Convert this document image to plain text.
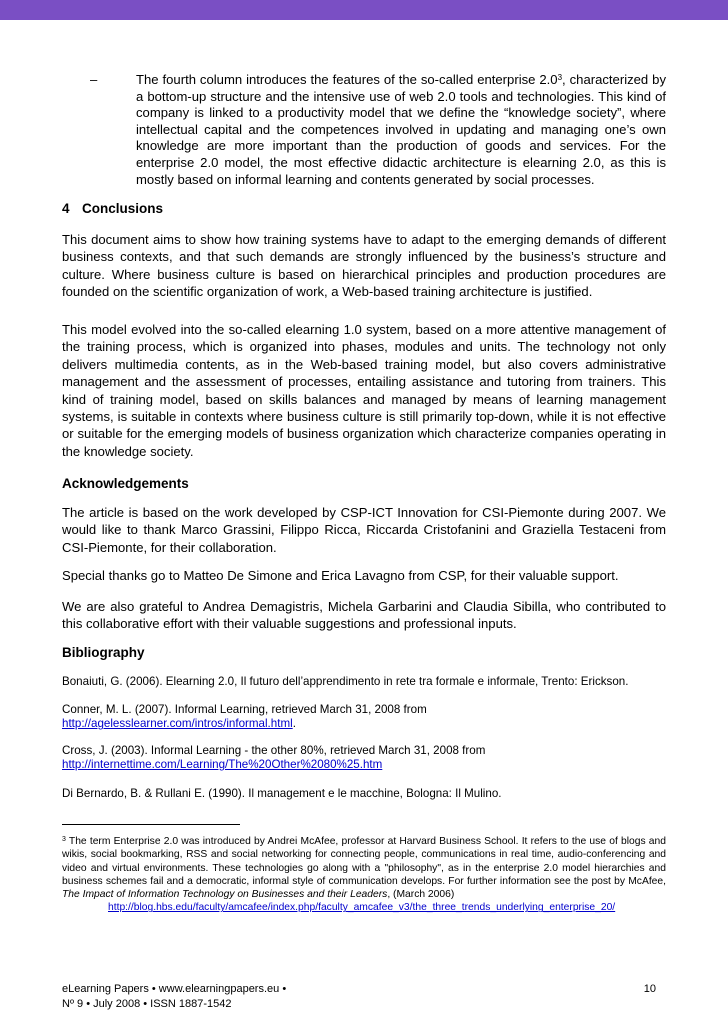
–	The fourth column introduces the features of the so-called enterprise $2.0^3$, characterized by a bottom-up structure and the intensive use of web 2.0 tools and technologies. This kind of company is linked to a productivity model that we define the “knowledge society”, where intellectual capital and the competences involved in updating and managing one’s own knowledge are more important than the production of goods and services. For the enterprise 2.0 model, the most effective didactic architecture is elearning 2.0, as this is mostly based on informal learning and contents generated by social processes.
4 Conclusions
This document aims to show how training systems have to adapt to the emerging demands of different business contexts, and that such demands are strongly influenced by the business’s structure and culture. Where business culture is based on hierarchical principles and production procedures are founded on the scientific organization of work, a Web-based training architecture is justified.
This model evolved into the so-called elearning 1.0 system, based on a more attentive management of the training process, which is organized into phases, modules and units. The technology not only delivers multimedia contents, as in the Web-based training model, but also covers administrative management and the assessment of processes, entailing assistance and tutoring from trainers. This kind of training model, based on skills balances and managed by means of learning management systems, is suitable in contexts where business culture is still primarily top-down, while it is not effective or suitable for the emerging models of business organization which characterize companies operating in the knowledge society.
Acknowledgements
The article is based on the work developed by CSP-ICT Innovation for CSI-Piemonte during 2007. We would like to thank Marco Grassini, Filippo Ricca, Riccarda Cristofanini and Graziella Testaceni from CSI-Piemonte, for their collaboration.
Special thanks go to Matteo De Simone and Erica Lavagno from CSP, for their valuable support.
We are also grateful to Andrea Demagistris, Michela Garbarini and Claudia Sibilla, who contributed to this collaborative effort with their valuable suggestions and professional inputs.
Bibliography
Bonaiuti, G. (2006). Elearning 2.0, Il futuro dell’apprendimento in rete tra formale e informale, Trento: Erickson.
Conner, M. L. (2007). Informal Learning, retrieved March 31, 2008 from
http://agelesslearner.com/intros/informal.html.
Cross, J. (2003). Informal Learning - the other 80%, retrieved March 31, 2008 from
http://internettime.com/Learning/The%20Other%2080%25.htm
Di Bernardo, B. & Rullani E. (1990). Il management e le macchine, Bologna: Il Mulino.
$^3$ The term Enterprise 2.0 was introduced by Andrei McAfee, professor at Harvard Business School. It refers to the use of blogs and wikis, social bookmarking, RSS and social networking for connecting people, communications in real time, audio-conferencing and video and virtual environments. These technologies go along with a "philosophy", as in the enterprise 2.0 model hierarchies and business schemes fail and a democratic, informal style of communication develops. For further information see the post by McAfee, The Impact of Information Technology on Businesses and their Leaders, (March 2006)
http://blog.hbs.edu/faculty/amcafee/index.php/faculty_amcafee_v3/the_three_trends_underlying_enterprise_20/
eLearning Papers • www.elearningpapers.eu •
Nº 9 • July 2008 • ISSN 1887-1542
10
